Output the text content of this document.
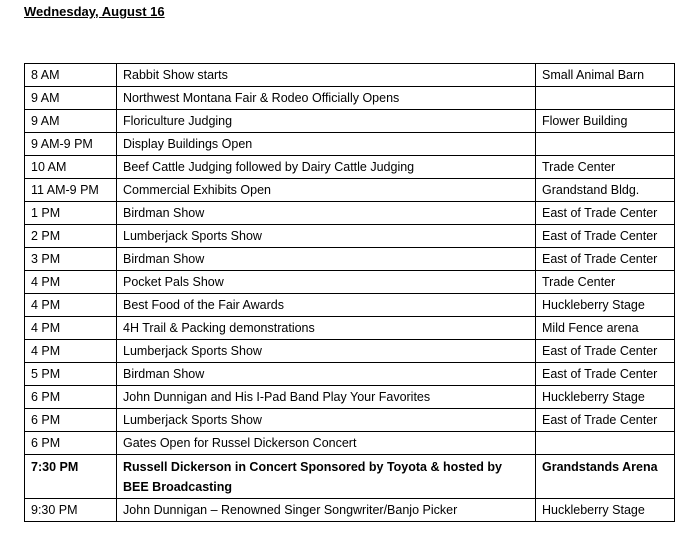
Wednesday, August 16
8 AM	Rabbit Show starts	Small Animal Barn
9 AM	Northwest Montana Fair & Rodeo Officially Opens	
9 AM	Floriculture Judging	Flower Building
9 AM-9 PM	Display Buildings Open	
10 AM	Beef Cattle Judging followed by Dairy Cattle Judging	Trade Center
11 AM-9 PM	Commercial Exhibits Open	Grandstand Bldg.
1 PM	Birdman Show	East of Trade Center
2 PM	Lumberjack Sports Show	East of Trade Center
3 PM	Birdman Show	East of Trade Center
4 PM	Pocket Pals Show	Trade Center
4 PM	Best Food of the Fair Awards	Huckleberry Stage
4 PM	4H Trail & Packing demonstrations	Mild Fence arena
4 PM	Lumberjack Sports Show	East of Trade Center
5 PM	Birdman Show	East of Trade Center
6 PM	John Dunnigan and His I-Pad Band Play Your Favorites	Huckleberry Stage
6 PM	Lumberjack Sports Show	East of Trade Center
6 PM	Gates Open for Russel Dickerson Concert	
7:30 PM	Russell Dickerson in Concert Sponsored by Toyota & hosted by BEE Broadcasting	Grandstands Arena
9:30 PM	John Dunnigan – Renowned Singer Songwriter/Banjo Picker	Huckleberry Stage
